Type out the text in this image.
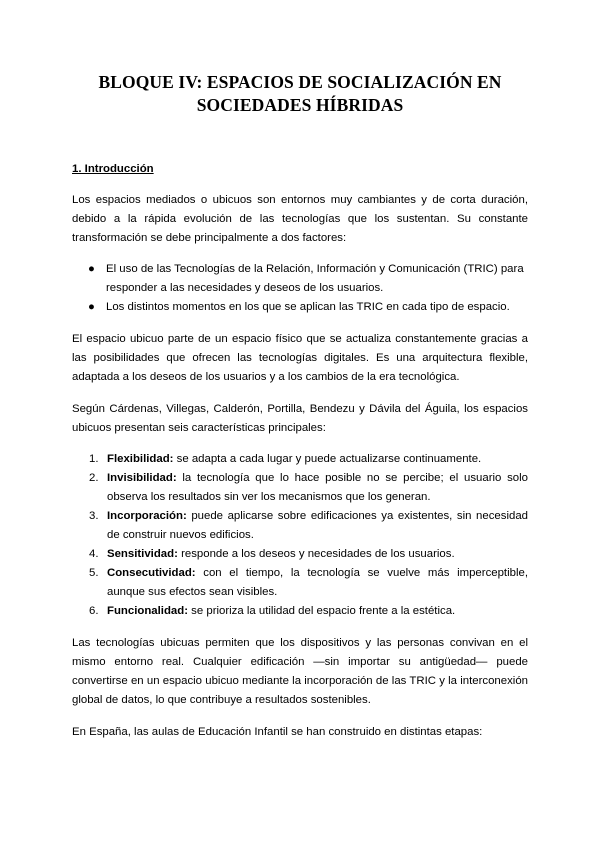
BLOQUE IV: ESPACIOS DE SOCIALIZACIÓN EN
SOCIEDADES HÍBRIDAS
1. Introducción

Los espacios mediados o ubicuos son entornos muy cambiantes y de corta duración, debido a la rápida evolución de las tecnologías que los sustentan. Su constante transformación se debe principalmente a dos factores:

● El uso de las Tecnologías de la Relación, Información y Comunicación (TRIC) para responder a las necesidades y deseos de los usuarios.
● Los distintos momentos en los que se aplican las TRIC en cada tipo de espacio.

El espacio ubicuo parte de un espacio físico que se actualiza constantemente gracias a las posibilidades que ofrecen las tecnologías digitales. Es una arquitectura flexible, adaptada a los deseos de los usuarios y a los cambios de la era tecnológica.

Según Cárdenas, Villegas, Calderón, Portilla, Bendezu y Dávila del Águila, los espacios ubicuos presentan seis características principales:

1. Flexibilidad: se adapta a cada lugar y puede actualizarse continuamente.
2. Invisibilidad: la tecnología que lo hace posible no se percibe; el usuario solo observa los resultados sin ver los mecanismos que los generan.
3. Incorporación: puede aplicarse sobre edificaciones ya existentes, sin necesidad de construir nuevos edificios.
4. Sensitividad: responde a los deseos y necesidades de los usuarios.
5. Consecutividad: con el tiempo, la tecnología se vuelve más imperceptible, aunque sus efectos sean visibles.
6. Funcionalidad: se prioriza la utilidad del espacio frente a la estética.

Las tecnologías ubicuas permiten que los dispositivos y las personas convivan en el mismo entorno real. Cualquier edificación —sin importar su antigüedad— puede convertirse en un espacio ubicuo mediante la incorporación de las TRIC y la interconexión global de datos, lo que contribuye a resultados sostenibles.

En España, las aulas de Educación Infantil se han construido en distintas etapas:
